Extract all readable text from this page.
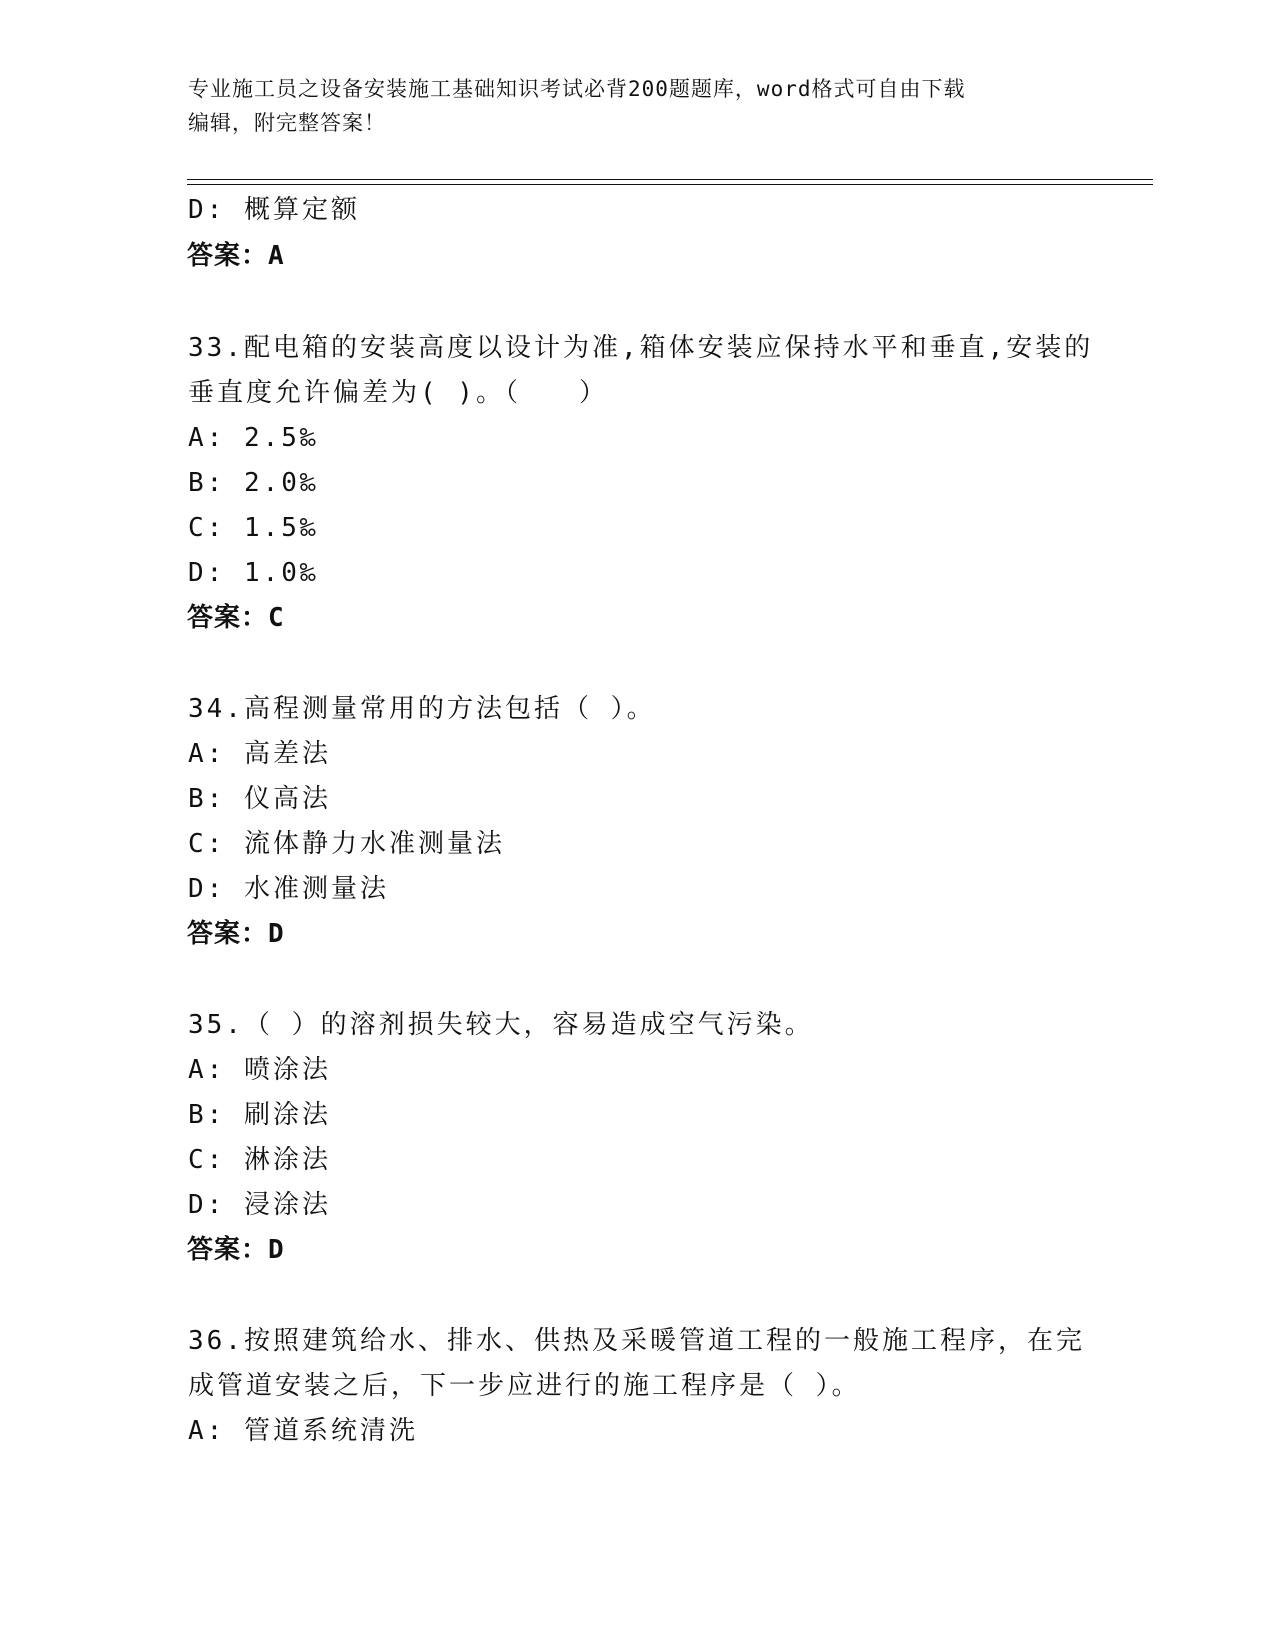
专业施工员之设备安装施工基础知识考试必背200题题库，word格式可自由下载
编辑，附完整答案！
D: 概算定额
答案：A
33.配电箱的安装高度以设计为准,箱体安装应保持水平和垂直,安装的
垂直度允许偏差为( )。（　　）
A: 2.5‰
B: 2.0‰
C: 1.5‰
D: 1.0‰
答案：C
34.高程测量常用的方法包括（ ）。
A: 高差法
B: 仪高法
C: 流体静力水准测量法
D: 水准测量法
答案：D
35.（ ）的溶剂损失较大，容易造成空气污染。
A: 喷涂法
B: 刷涂法
C: 淋涂法
D: 浸涂法
答案：D
36.按照建筑给水、排水、供热及采暖管道工程的一般施工程序，在完
成管道安装之后，下一步应进行的施工程序是（ ）。
A: 管道系统清洗
